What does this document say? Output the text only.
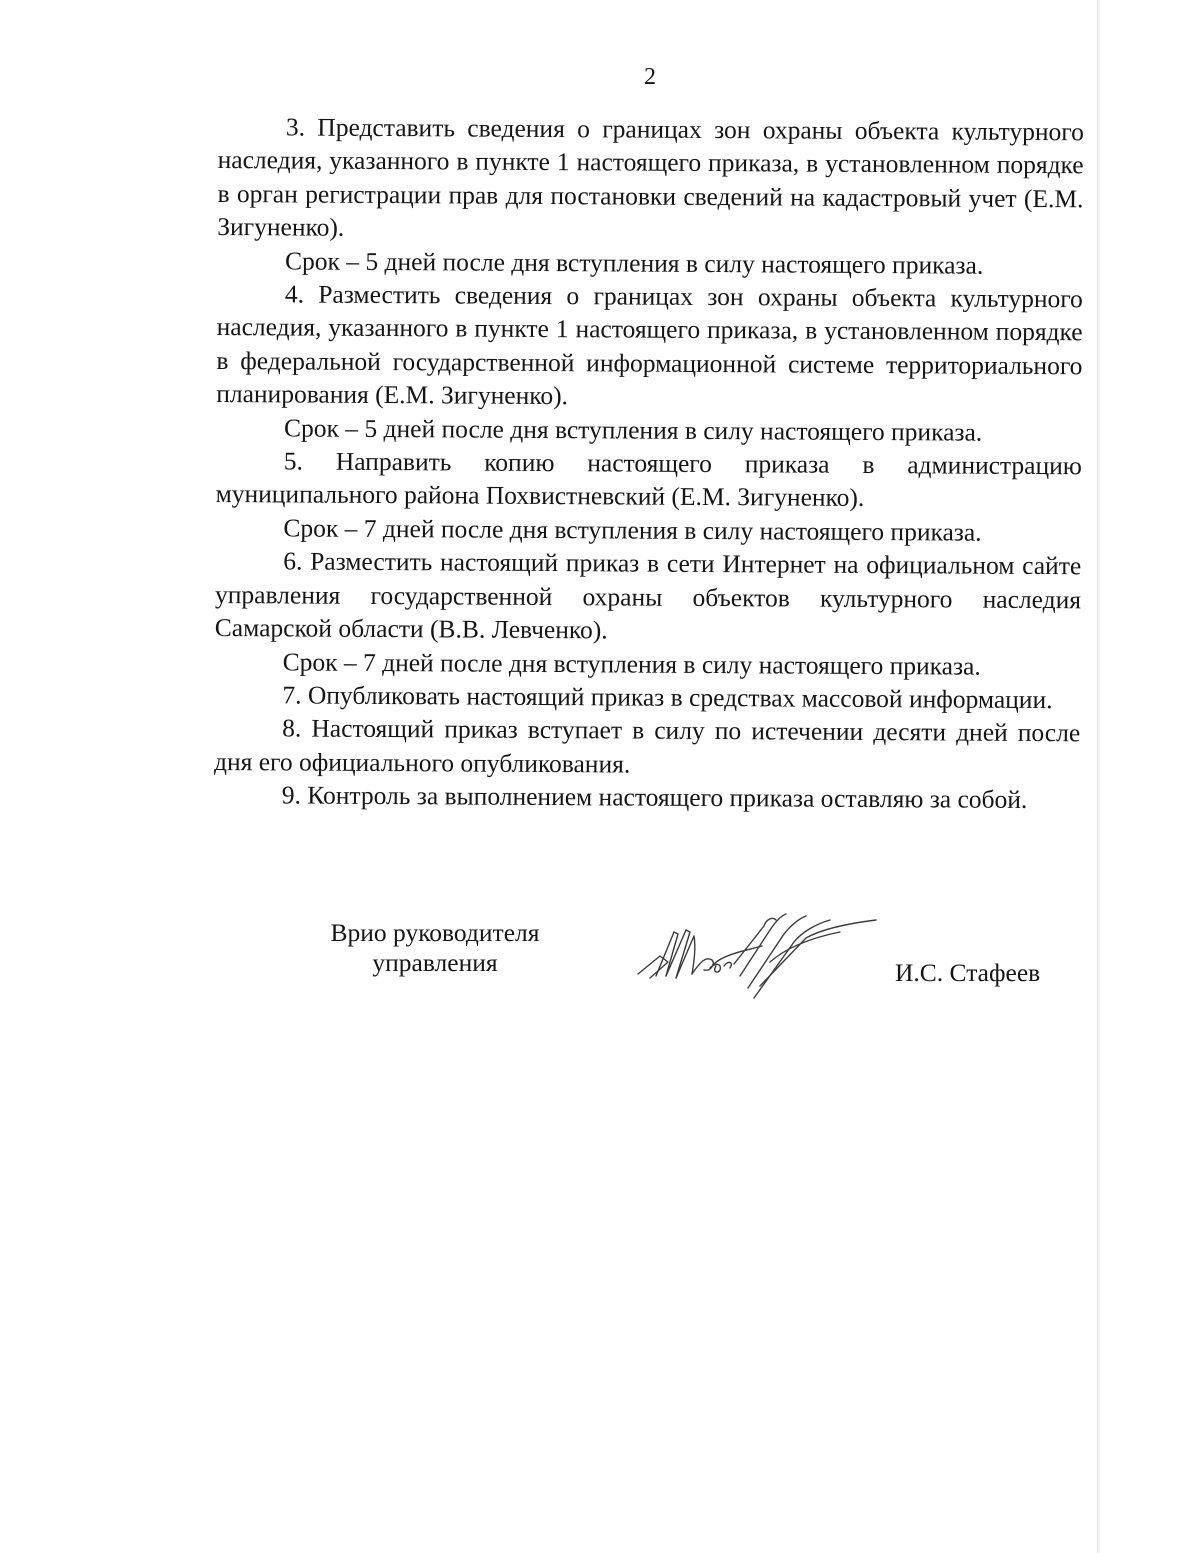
2

3. Представить сведения о границах зон охраны объекта культурного наследия, указанного в пункте 1 настоящего приказа, в установленном порядке в орган регистрации прав для постановки сведений на кадастровый учет (Е.М. Зигуненко).

Срок – 5 дней после дня вступления в силу настоящего приказа.

4. Разместить сведения о границах зон охраны объекта культурного наследия, указанного в пункте 1 настоящего приказа, в установленном порядке в федеральной государственной информационной системе территориального планирования (Е.М. Зигуненко).

Срок – 5 дней после дня вступления в силу настоящего приказа.

5. Направить копию настоящего приказа в администрацию муниципального района Похвистневский (Е.М. Зигуненко).

Срок – 7 дней после дня вступления в силу настоящего приказа.

6. Разместить настоящий приказ в сети Интернет на официальном сайте управления государственной охраны объектов культурного наследия Самарской области (В.В. Левченко).

Срок – 7 дней после дня вступления в силу настоящего приказа.

7. Опубликовать настоящий приказ в средствах массовой информации.

8. Настоящий приказ вступает в силу по истечении десяти дней после дня его официального опубликования.

9. Контроль за выполнением настоящего приказа оставляю за собой.

Врио руководителя
управления	И.С. Стафеев
